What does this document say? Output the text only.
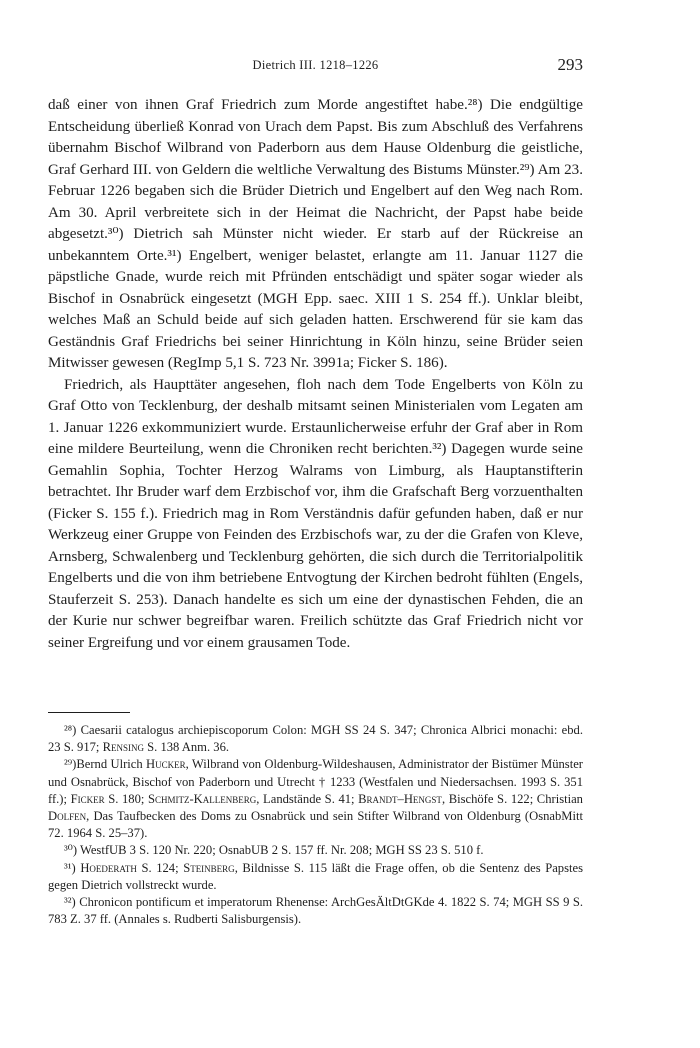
Dietrich III. 1218–1226	293

daß einer von ihnen Graf Friedrich zum Morde angestiftet habe.²⁸) Die endgültige Entscheidung überließ Konrad von Urach dem Papst. Bis zum Abschluß des Verfahrens übernahm Bischof Wilbrand von Paderborn aus dem Hause Oldenburg die geistliche, Graf Gerhard III. von Geldern die weltliche Verwaltung des Bistums Münster.²⁹) Am 23. Februar 1226 begaben sich die Brüder Dietrich und Engelbert auf den Weg nach Rom. Am 30. April verbreitete sich in der Heimat die Nachricht, der Papst habe beide abgesetzt.³⁰) Dietrich sah Münster nicht wieder. Er starb auf der Rückreise an unbekanntem Orte.³¹) Engelbert, weniger belastet, erlangte am 11. Januar 1127 die päpstliche Gnade, wurde reich mit Pfründen entschädigt und später sogar wieder als Bischof in Osnabrück eingesetzt (MGH Epp. saec. XIII 1 S. 254 ff.). Unklar bleibt, welches Maß an Schuld beide auf sich geladen hatten. Erschwerend für sie kam das Geständnis Graf Friedrichs bei seiner Hinrichtung in Köln hinzu, seine Brüder seien Mitwisser gewesen (RegImp 5,1 S. 723 Nr. 3991a; Ficker S. 186).

Friedrich, als Haupttäter angesehen, floh nach dem Tode Engelberts von Köln zu Graf Otto von Tecklenburg, der deshalb mitsamt seinen Ministerialen vom Legaten am 1. Januar 1226 exkommuniziert wurde. Erstaunlicherweise erfuhr der Graf aber in Rom eine mildere Beurteilung, wenn die Chroniken recht berichten.³²) Dagegen wurde seine Gemahlin Sophia, Tochter Herzog Walrams von Limburg, als Hauptanstifterin betrachtet. Ihr Bruder warf dem Erzbischof vor, ihm die Grafschaft Berg vorzuenthalten (Ficker S. 155 f.). Friedrich mag in Rom Verständnis dafür gefunden haben, daß er nur Werkzeug einer Gruppe von Feinden des Erzbischofs war, zu der die Grafen von Kleve, Arnsberg, Schwalenberg und Tecklenburg gehörten, die sich durch die Territorialpolitik Engelberts und die von ihm betriebene Entvogtung der Kirchen bedroht fühlten (Engels, Stauferzeit S. 253). Danach handelte es sich um eine der dynastischen Fehden, die an der Kurie nur schwer begreifbar waren. Freilich schützte das Graf Friedrich nicht vor seiner Ergreifung und vor einem grausamen Tode.

²⁸) Caesarii catalogus archiepiscoporum Colon: MGH SS 24 S. 347; Chronica Albrici monachi: ebd. 23 S. 917; Rensing S. 138 Anm. 36.

²⁹)Bernd Ulrich Hucker, Wilbrand von Oldenburg-Wildeshausen, Administrator der Bistümer Münster und Osnabrück, Bischof von Paderborn und Utrecht † 1233 (Westfalen und Niedersachsen. 1993 S. 351 ff.); Ficker S. 180; Schmitz-Kallenberg, Landstände S. 41; Brandt–Hengst, Bischöfe S. 122; Christian Dolfen, Das Taufbecken des Doms zu Osnabrück und sein Stifter Wilbrand von Oldenburg (OsnabMitt 72. 1964 S. 25–37).

³⁰) WestfUB 3 S. 120 Nr. 220; OsnabUB 2 S. 157 ff. Nr. 208; MGH SS 23 S. 510 f.

³¹) Hoederath S. 124; Steinberg, Bildnisse S. 115 läßt die Frage offen, ob die Sentenz des Papstes gegen Dietrich vollstreckt wurde.

³²) Chronicon pontificum et imperatorum Rhenense: ArchGesÄltDtGKde 4. 1822 S. 74; MGH SS 9 S. 783 Z. 37 ff. (Annales s. Rudberti Salisburgensis).
